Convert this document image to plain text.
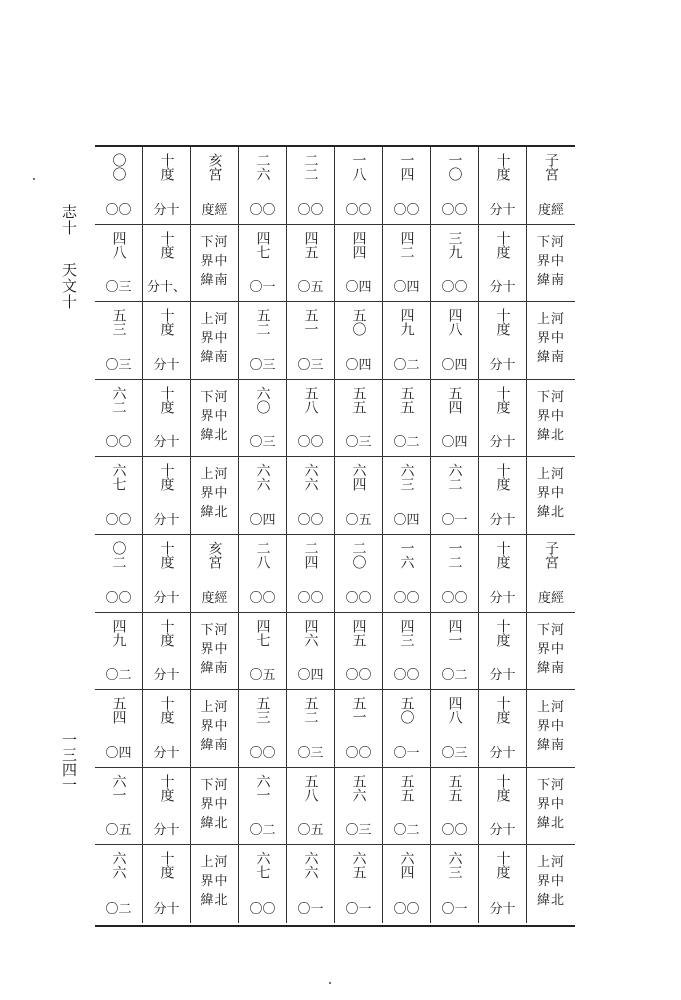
志十
天文十
一三四一
〇〇
〇〇
十度
分十
亥宮
度經
二六
〇〇
二二
〇〇
一八
〇〇
一四
〇〇
一〇
〇〇
十度
分十
子宮
度經
四八
〇三
十度
分十、
下河
界中
緯南
四七
〇一
四五
〇五
四四
〇四
四二
〇四
三九
〇〇
十度
分十
下河
界中
緯南
五三
〇三
十度
分十
上河
界中
緯南
五二
〇三
五一
〇三
五〇
〇四
四九
〇二
四八
〇四
十度
分十
上河
界中
緯南
六二
〇〇
十度
分十
下河
界中
緯北
六〇
〇三
五八
〇〇
五五
〇三
五五
〇二
五四
〇四
十度
分十
下河
界中
緯北
六七
〇〇
十度
分十
上河
界中
緯北
六六
〇四
六六
〇〇
六四
〇五
六三
〇四
六二
〇一
十度
分十
上河
界中
緯北
〇二
〇〇
十度
分十
亥宮
度經
二八
〇〇
二四
〇〇
二〇
〇〇
一六
〇〇
一二
〇〇
十度
分十
子宮
度經
四九
〇二
十度
分十
下河
界中
緯南
四七
〇五
四六
〇四
四五
〇〇
四三
〇〇
四一
〇二
十度
分十
下河
界中
緯南
五四
〇四
十度
分十
上河
界中
緯南
五三
〇〇
五二
〇三
五一
〇〇
五〇
〇一
四八
〇三
十度
分十
上河
界中
緯南
六一
〇五
十度
分十
下河
界中
緯北
六一
〇二
五八
〇五
五六
〇三
五五
〇二
五五
〇〇
十度
分十
下河
界中
緯北
六六
〇二
十度
分十
上河
界中
緯北
六七
〇〇
六六
〇一
六五
〇一
六四
〇〇
六三
〇一
十度
分十
上河
界中
緯北
